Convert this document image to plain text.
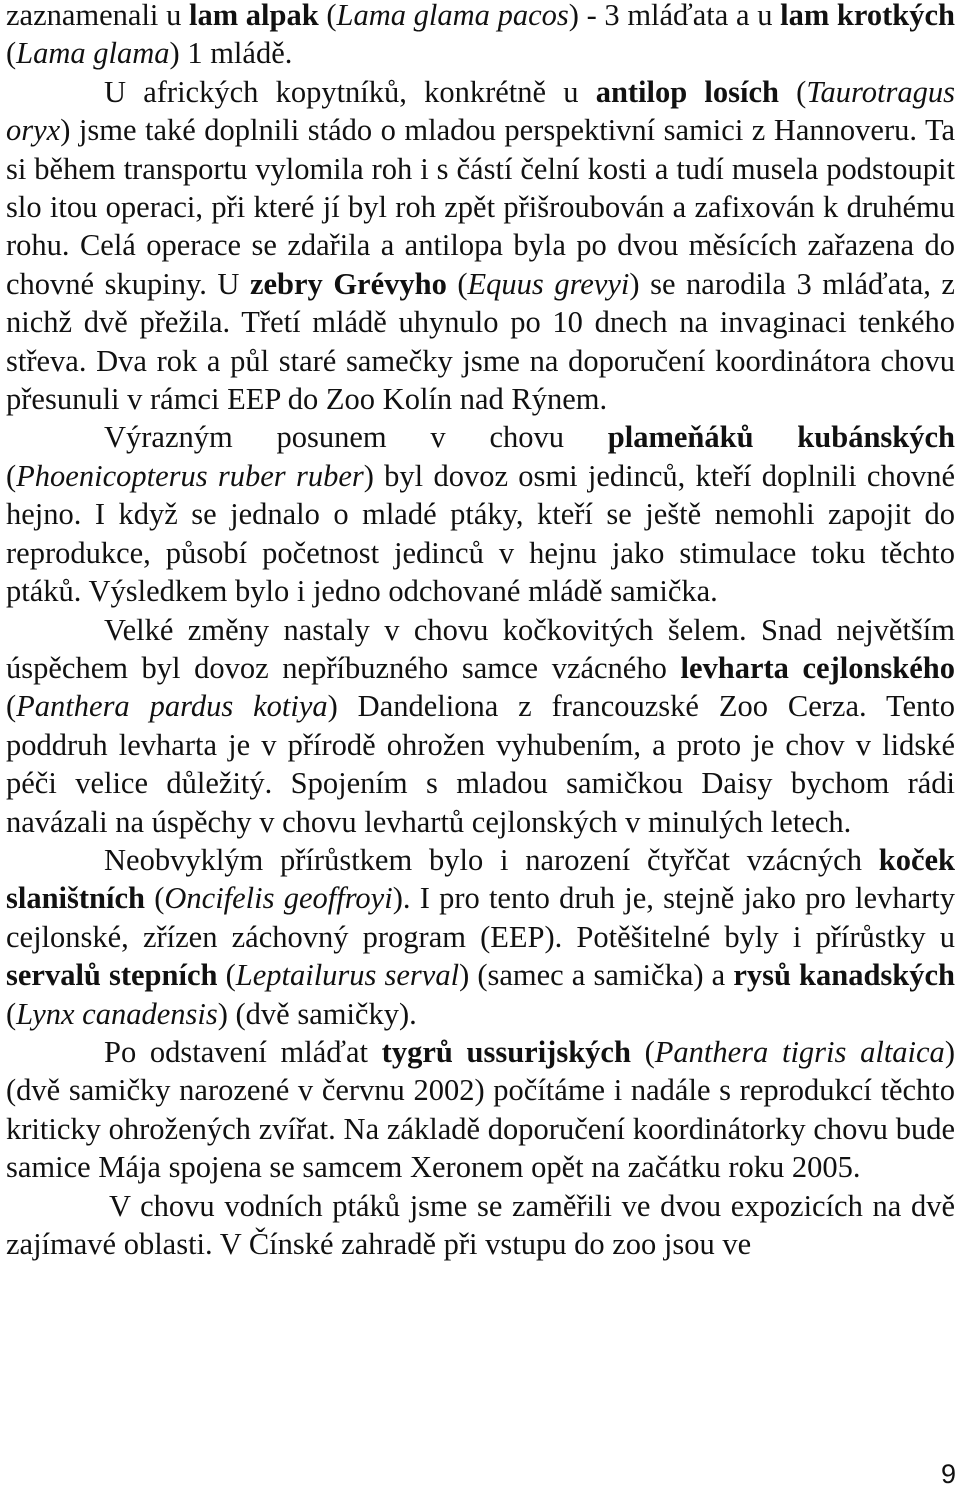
zaznamenali u lam alpak (Lama glama pacos) - 3 mláďata a u lam krotkých (Lama glama) 1 mládě.

U afrických kopytníků, konkrétně u antilop losích (Taurotragus oryx) jsme také doplnili stádo o mladou perspektivní samici z Hannoveru. Ta si během transportu vylomila roh i s částí čelní kosti a tudí musela podstoupit slo itou operaci, při které jí byl roh zpět přišroubován a zafixován k druhému rohu. Celá operace se zdařila a antilopa byla po dvou měsících zařazena do chovné skupiny. U zebry Grévyho (Equus grevyi) se narodila 3 mláďata, z nichž dvě přežila. Třetí mládě uhynulo po 10 dnech na invaginaci tenkého střeva. Dva rok a půl staré samečky jsme na doporučení koordinátora chovu přesunuli v rámci EEP do Zoo Kolín nad Rýnem.

Výrazným posunem v chovu plameňáků kubánských (Phoenicopterus ruber ruber) byl dovoz osmi jedinců, kteří doplnili chovné hejno. I když se jednalo o mladé ptáky, kteří se ještě nemohli zapojit do reprodukce, působí početnost jedinců v hejnu jako stimulace toku těchto ptáků. Výsledkem bylo i jedno odchované mládě samička.

Velké změny nastaly v chovu kočkovitých šelem. Snad největším úspěchem byl dovoz nepříbuzného samce vzácného levharta cejlonského (Panthera pardus kotiya) Dandeliona z francouzské Zoo Cerza. Tento poddruh levharta je v přírodě ohrožen vyhubením, a proto je chov v lidské péči velice důležitý. Spojením s mladou samičkou Daisy bychom rádi navázali na úspěchy v chovu levhartů cejlonských v minulých letech.

Neobvyklým přírůstkem bylo i narození čtyřčat vzácných koček slaništních (Oncifelis geoffroyi). I pro tento druh je, stejně jako pro levharty cejlonské, zřízen záchovný program (EEP). Potěšitelné byly i přírůstky u servalů stepních (Leptailurus serval) (samec a samička) a rysů kanadských (Lynx canadensis) (dvě samičky).

Po odstavení mláďat tygrů ussurijských (Panthera tigris altaica) (dvě samičky narozené v červnu 2002) počítáme i nadále s reprodukcí těchto kriticky ohrožených zvířat. Na základě doporučení koordinátorky chovu bude samice Mája spojena se samcem Xeronem opět na začátku roku 2005.

V chovu vodních ptáků jsme se zaměřili ve dvou expozicích na dvě zajímavé oblasti. V Čínské zahradě při vstupu do zoo jsou ve

9
